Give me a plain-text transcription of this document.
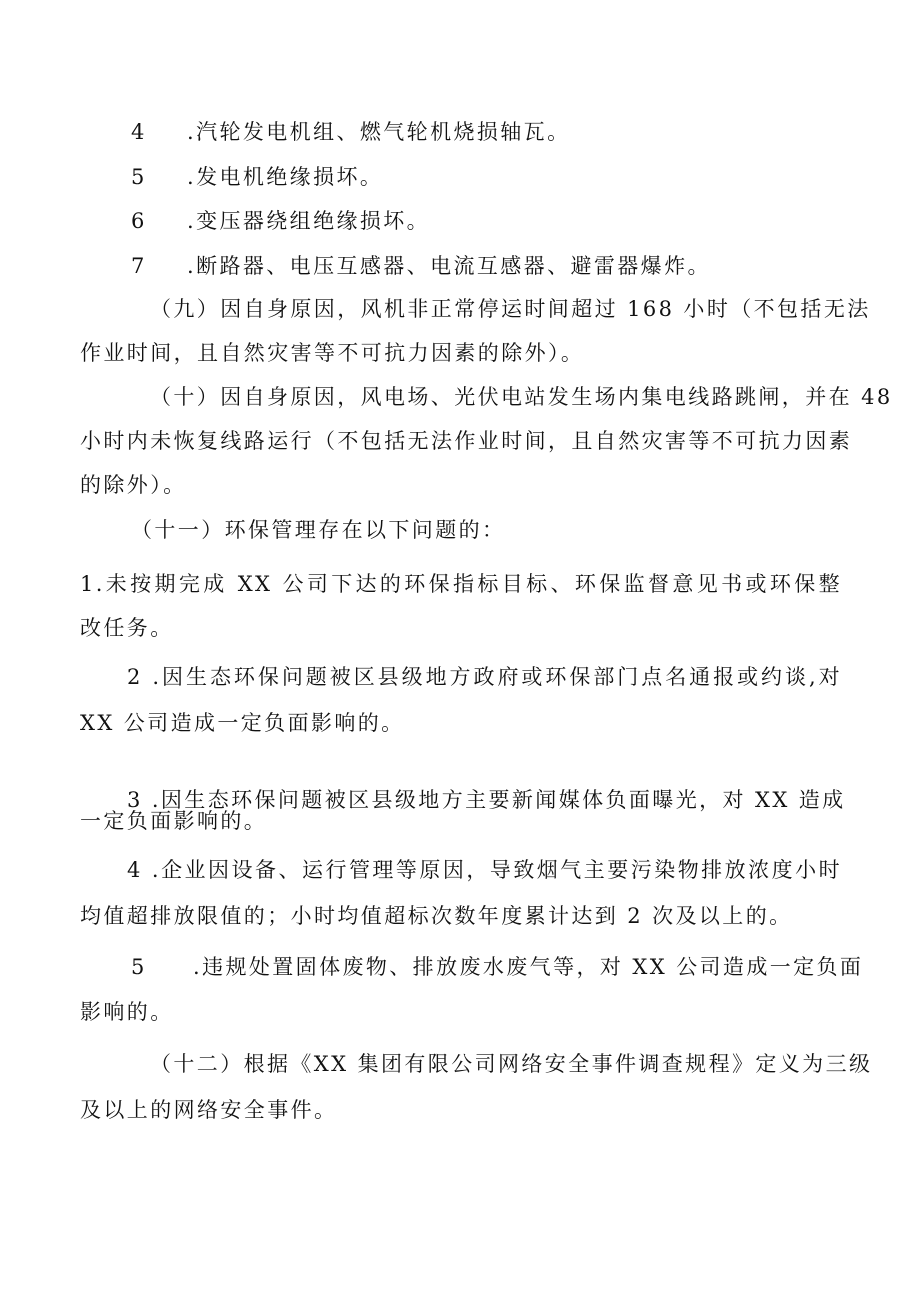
4 .汽轮发电机组、燃气轮机烧损轴瓦。
5 .发电机绝缘损坏。
6 .变压器绕组绝缘损坏。
7 .断路器、电压互感器、电流互感器、避雷器爆炸。
（九）因自身原因，风机非正常停运时间超过 168 小时（不包括无法
作业时间，且自然灾害等不可抗力因素的除外）。
（十）因自身原因，风电场、光伏电站发生场内集电线路跳闸，并在 48
小时内未恢复线路运行（不包括无法作业时间，且自然灾害等不可抗力因素
的除外）。
（十一）环保管理存在以下问题的：
1.未按期完成 XX 公司下达的环保指标目标、环保监督意见书或环保整
改任务。
2 .因生态环保问题被区县级地方政府或环保部门点名通报或约谈,对
XX 公司造成一定负面影响的。
3 .因生态环保问题被区县级地方主要新闻媒体负面曝光，对 XX 造成
一定负面影响的。
4 .企业因设备、运行管理等原因，导致烟气主要污染物排放浓度小时
均值超排放限值的；小时均值超标次数年度累计达到 2 次及以上的。
5 .违规处置固体废物、排放废水废气等，对 XX 公司造成一定负面
影响的。
（十二）根据《XX 集团有限公司网络安全事件调查规程》定义为三级
及以上的网络安全事件。
